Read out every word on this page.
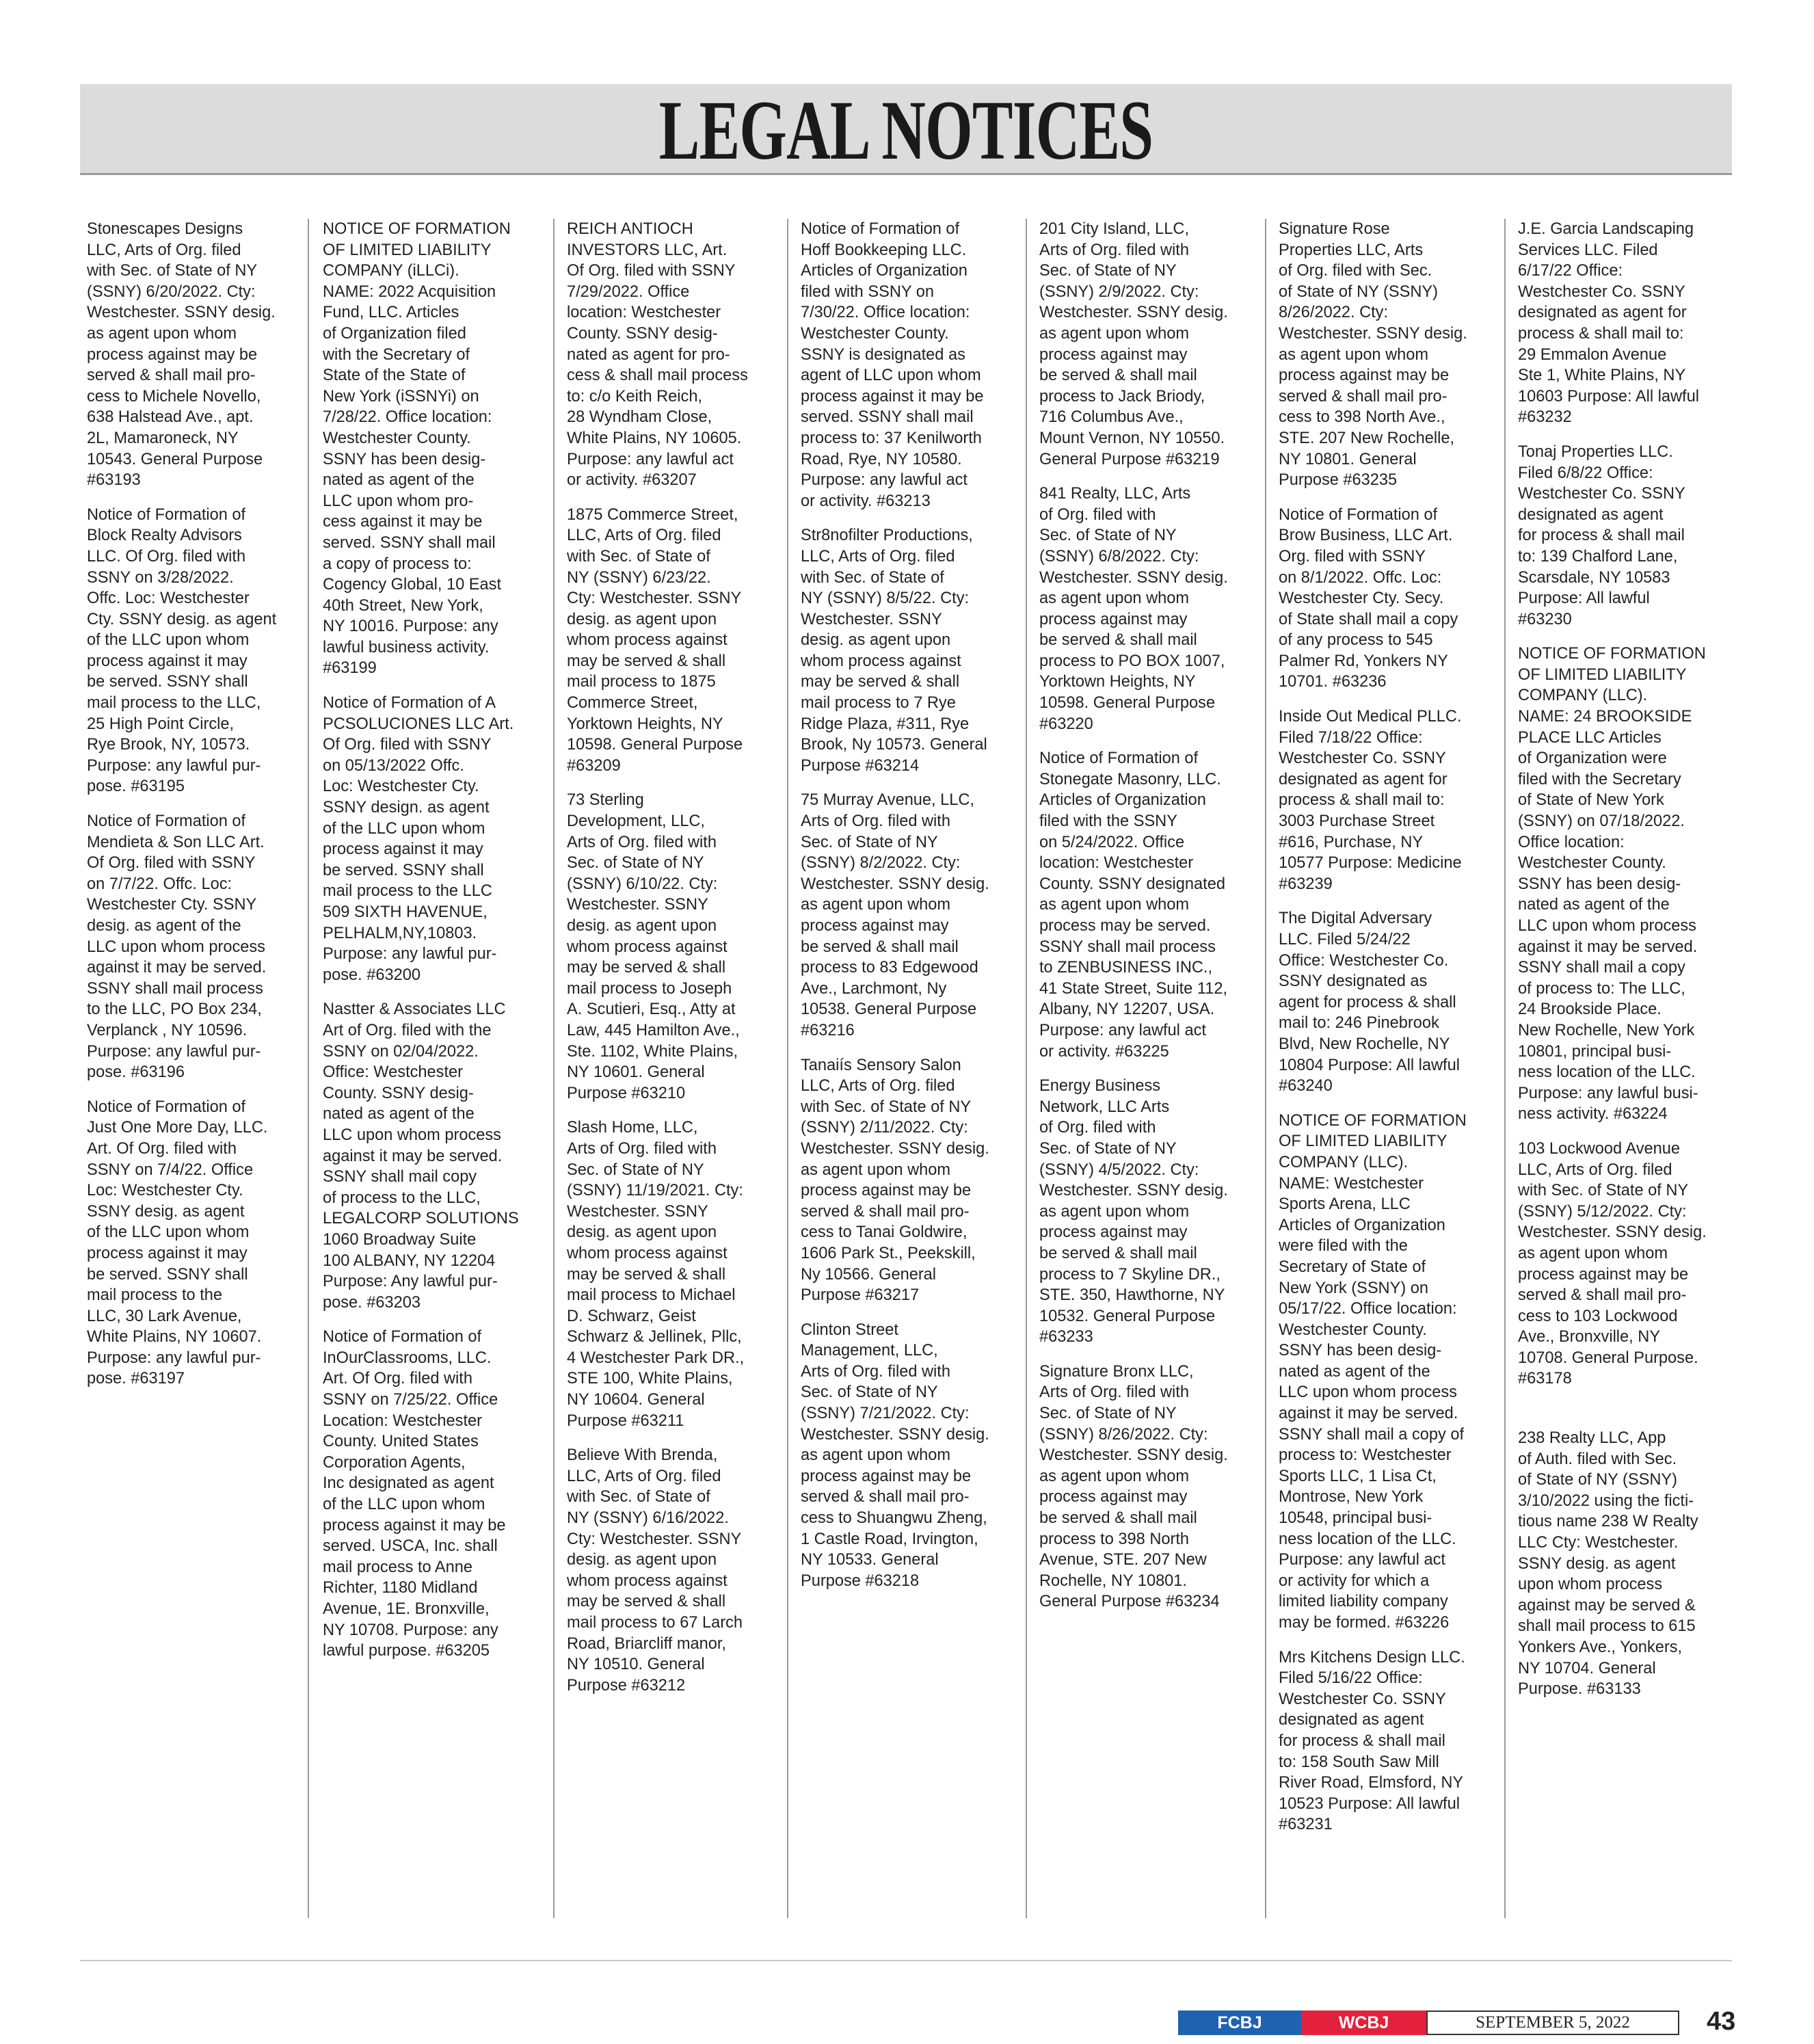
LEGAL NOTICES

Stonescapes Designs
LLC, Arts of Org. filed
with Sec. of State of NY
(SSNY) 6/20/2022. Cty:
Westchester. SSNY desig.
as agent upon whom
process against may be
served & shall mail pro-
cess to Michele Novello,
638 Halstead Ave., apt.
2L, Mamaroneck, NY
10543. General Purpose
#63193

Notice of Formation of
Block Realty Advisors
LLC. Of Org. filed with
SSNY on 3/28/2022.
Offc. Loc: Westchester
Cty. SSNY desig. as agent
of the LLC upon whom
process against it may
be served. SSNY shall
mail process to the LLC,
25 High Point Circle,
Rye Brook, NY, 10573.
Purpose: any lawful pur-
pose. #63195

Notice of Formation of
Mendieta & Son LLC Art.
Of Org. filed with SSNY
on 7/7/22. Offc. Loc:
Westchester Cty. SSNY
desig. as agent of the
LLC upon whom process
against it may be served.
SSNY shall mail process
to the LLC, PO Box 234,
Verplanck , NY 10596.
Purpose: any lawful pur-
pose. #63196

Notice of Formation of
Just One More Day, LLC.
Art. Of Org. filed with
SSNY on 7/4/22. Office
Loc: Westchester Cty.
SSNY desig. as agent
of the LLC upon whom
process against it may
be served. SSNY shall
mail process to the
LLC, 30 Lark Avenue,
White Plains, NY 10607.
Purpose: any lawful pur-
pose. #63197

NOTICE OF FORMATION
OF LIMITED LIABILITY
COMPANY (iLLCi).
NAME: 2022 Acquisition
Fund, LLC. Articles
of Organization filed
with the Secretary of
State of the State of
New York (iSSNYi) on
7/28/22. Office location:
Westchester County.
SSNY has been desig-
nated as agent of the
LLC upon whom pro-
cess against it may be
served. SSNY shall mail
a copy of process to:
Cogency Global, 10 East
40th Street, New York,
NY 10016. Purpose: any
lawful business activity.
#63199

Notice of Formation of A
PCSOLUCIONES LLC Art.
Of Org. filed with SSNY
on 05/13/2022 Offc.
Loc: Westchester Cty.
SSNY design. as agent
of the LLC upon whom
process against it may
be served. SSNY shall
mail process to the LLC
509 SIXTH HAVENUE,
PELHALM,NY,10803.
Purpose: any lawful pur-
pose. #63200

Nastter & Associates LLC
Art of Org. filed with the
SSNY on 02/04/2022.
Office: Westchester
County. SSNY desig-
nated as agent of the
LLC upon whom process
against it may be served.
SSNY shall mail copy
of process to the LLC,
LEGALCORP SOLUTIONS
1060 Broadway Suite
100 ALBANY, NY 12204
Purpose: Any lawful pur-
pose. #63203

Notice of Formation of
InOurClassrooms, LLC.
Art. Of Org. filed with
SSNY on 7/25/22. Office
Location: Westchester
County. United States
Corporation Agents,
Inc designated as agent
of the LLC upon whom
process against it may be
served. USCA, Inc. shall
mail process to Anne
Richter, 1180 Midland
Avenue, 1E. Bronxville,
NY 10708. Purpose: any
lawful purpose. #63205

REICH ANTIOCH
INVESTORS LLC, Art.
Of Org. filed with SSNY
7/29/2022. Office
location: Westchester
County. SSNY desig-
nated as agent for pro-
cess & shall mail process
to: c/o Keith Reich,
28 Wyndham Close,
White Plains, NY 10605.
Purpose: any lawful act
or activity. #63207

1875 Commerce Street,
LLC, Arts of Org. filed
with Sec. of State of
NY (SSNY) 6/23/22.
Cty: Westchester. SSNY
desig. as agent upon
whom process against
may be served & shall
mail process to 1875
Commerce Street,
Yorktown Heights, NY
10598. General Purpose
#63209

73 Sterling
Development, LLC,
Arts of Org. filed with
Sec. of State of NY
(SSNY) 6/10/22. Cty:
Westchester. SSNY
desig. as agent upon
whom process against
may be served & shall
mail process to Joseph
A. Scutieri, Esq., Atty at
Law, 445 Hamilton Ave.,
Ste. 1102, White Plains,
NY 10601. General
Purpose #63210

Slash Home, LLC,
Arts of Org. filed with
Sec. of State of NY
(SSNY) 11/19/2021. Cty:
Westchester. SSNY
desig. as agent upon
whom process against
may be served & shall
mail process to Michael
D. Schwarz, Geist
Schwarz & Jellinek, Pllc,
4 Westchester Park DR.,
STE 100, White Plains,
NY 10604. General
Purpose #63211

Believe With Brenda,
LLC, Arts of Org. filed
with Sec. of State of
NY (SSNY) 6/16/2022.
Cty: Westchester. SSNY
desig. as agent upon
whom process against
may be served & shall
mail process to 67 Larch
Road, Briarcliff manor,
NY 10510. General
Purpose #63212

Notice of Formation of
Hoff Bookkeeping LLC.
Articles of Organization
filed with SSNY on
7/30/22. Office location:
Westchester County.
SSNY is designated as
agent of LLC upon whom
process against it may be
served. SSNY shall mail
process to: 37 Kenilworth
Road, Rye, NY 10580.
Purpose: any lawful act
or activity. #63213

Str8nofilter Productions,
LLC, Arts of Org. filed
with Sec. of State of
NY (SSNY) 8/5/22. Cty:
Westchester. SSNY
desig. as agent upon
whom process against
may be served & shall
mail process to 7 Rye
Ridge Plaza, #311, Rye
Brook, Ny 10573. General
Purpose #63214

75 Murray Avenue, LLC,
Arts of Org. filed with
Sec. of State of NY
(SSNY) 8/2/2022. Cty:
Westchester. SSNY desig.
as agent upon whom
process against may
be served & shall mail
process to 83 Edgewood
Ave., Larchmont, Ny
10538. General Purpose
#63216

Tanaiís Sensory Salon
LLC, Arts of Org. filed
with Sec. of State of NY
(SSNY) 2/11/2022. Cty:
Westchester. SSNY desig.
as agent upon whom
process against may be
served & shall mail pro-
cess to Tanai Goldwire,
1606 Park St., Peekskill,
Ny 10566. General
Purpose #63217

Clinton Street
Management, LLC,
Arts of Org. filed with
Sec. of State of NY
(SSNY) 7/21/2022. Cty:
Westchester. SSNY desig.
as agent upon whom
process against may be
served & shall mail pro-
cess to Shuangwu Zheng,
1 Castle Road, Irvington,
NY 10533. General
Purpose #63218

201 City Island, LLC,
Arts of Org. filed with
Sec. of State of NY
(SSNY) 2/9/2022. Cty:
Westchester. SSNY desig.
as agent upon whom
process against may
be served & shall mail
process to Jack Briody,
716 Columbus Ave.,
Mount Vernon, NY 10550.
General Purpose #63219

841 Realty, LLC, Arts
of Org. filed with
Sec. of State of NY
(SSNY) 6/8/2022. Cty:
Westchester. SSNY desig.
as agent upon whom
process against may
be served & shall mail
process to PO BOX 1007,
Yorktown Heights, NY
10598. General Purpose
#63220

Notice of Formation of
Stonegate Masonry, LLC.
Articles of Organization
filed with the SSNY
on 5/24/2022. Office
location: Westchester
County. SSNY designated
as agent upon whom
process may be served.
SSNY shall mail process
to ZENBUSINESS INC.,
41 State Street, Suite 112,
Albany, NY 12207, USA.
Purpose: any lawful act
or activity. #63225

Energy Business
Network, LLC Arts
of Org. filed with
Sec. of State of NY
(SSNY) 4/5/2022. Cty:
Westchester. SSNY desig.
as agent upon whom
process against may
be served & shall mail
process to 7 Skyline DR.,
STE. 350, Hawthorne, NY
10532. General Purpose
#63233

Signature Bronx LLC,
Arts of Org. filed with
Sec. of State of NY
(SSNY) 8/26/2022. Cty:
Westchester. SSNY desig.
as agent upon whom
process against may
be served & shall mail
process to 398 North
Avenue, STE. 207 New
Rochelle, NY 10801.
General Purpose #63234

Signature Rose
Properties LLC, Arts
of Org. filed with Sec.
of State of NY (SSNY)
8/26/2022. Cty:
Westchester. SSNY desig.
as agent upon whom
process against may be
served & shall mail pro-
cess to 398 North Ave.,
STE. 207 New Rochelle,
NY 10801. General
Purpose #63235

Notice of Formation of
Brow Business, LLC Art.
Org. filed with SSNY
on 8/1/2022. Offc. Loc:
Westchester Cty. Secy.
of State shall mail a copy
of any process to 545
Palmer Rd, Yonkers NY
10701. #63236

Inside Out Medical PLLC.
Filed 7/18/22 Office:
Westchester Co. SSNY
designated as agent for
process & shall mail to:
3003 Purchase Street
#616, Purchase, NY
10577 Purpose: Medicine
#63239

The Digital Adversary
LLC. Filed 5/24/22
Office: Westchester Co.
SSNY designated as
agent for process & shall
mail to: 246 Pinebrook
Blvd, New Rochelle, NY
10804 Purpose: All lawful
#63240

NOTICE OF FORMATION
OF LIMITED LIABILITY
COMPANY (LLC).
NAME: Westchester
Sports Arena, LLC
Articles of Organization
were filed with the
Secretary of State of
New York (SSNY) on
05/17/22. Office location:
Westchester County.
SSNY has been desig-
nated as agent of the
LLC upon whom process
against it may be served.
SSNY shall mail a copy of
process to: Westchester
Sports LLC, 1 Lisa Ct,
Montrose, New York
10548, principal busi-
ness location of the LLC.
Purpose: any lawful act
or activity for which a
limited liability company
may be formed. #63226

Mrs Kitchens Design LLC.
Filed 5/16/22 Office:
Westchester Co. SSNY
designated as agent
for process & shall mail
to: 158 South Saw Mill
River Road, Elmsford, NY
10523 Purpose: All lawful
#63231

J.E. Garcia Landscaping
Services LLC. Filed
6/17/22 Office:
Westchester Co. SSNY
designated as agent for
process & shall mail to:
29 Emmalon Avenue
Ste 1, White Plains, NY
10603 Purpose: All lawful
#63232

Tonaj Properties LLC.
Filed 6/8/22 Office:
Westchester Co. SSNY
designated as agent
for process & shall mail
to: 139 Chalford Lane,
Scarsdale, NY 10583
Purpose: All lawful
#63230

NOTICE OF FORMATION
OF LIMITED LIABILITY
COMPANY (LLC).
NAME: 24 BROOKSIDE
PLACE LLC Articles
of Organization were
filed with the Secretary
of State of New York
(SSNY) on 07/18/2022.
Office location:
Westchester County.
SSNY has been desig-
nated as agent of the
LLC upon whom process
against it may be served.
SSNY shall mail a copy
of process to: The LLC,
24 Brookside Place.
New Rochelle, New York
10801, principal busi-
ness location of the LLC.
Purpose: any lawful busi-
ness activity. #63224

103 Lockwood Avenue
LLC, Arts of Org. filed
with Sec. of State of NY
(SSNY) 5/12/2022. Cty:
Westchester. SSNY desig.
as agent upon whom
process against may be
served & shall mail pro-
cess to 103 Lockwood
Ave., Bronxville, NY
10708. General Purpose.
#63178

238 Realty LLC, App
of Auth. filed with Sec.
of State of NY (SSNY)
3/10/2022 using the ficti-
tious name 238 W Realty
LLC Cty: Westchester.
SSNY desig. as agent
upon whom process
against may be served &
shall mail process to 615
Yonkers Ave., Yonkers,
NY 10704. General
Purpose. #63133

FCBJ	WCBJ	SEPTEMBER 5, 2022	43
